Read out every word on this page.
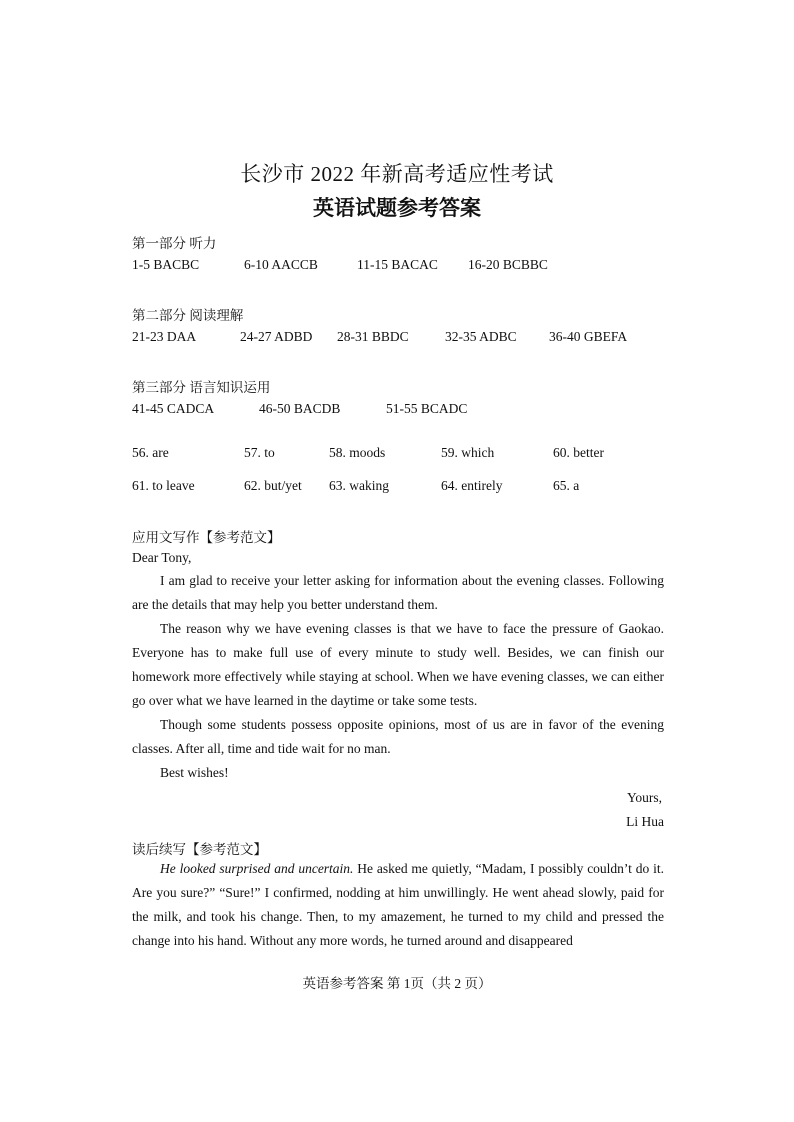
长沙市 2022 年新高考适应性考试
英语试题参考答案
第一部分 听力
1-5 BACBC	6-10 AACCB	11-15 BACAC 16-20 BCBBC
第二部分 阅读理解
21-23 DAA	24-27 ADBD 28-31 BBDC	32-35 ADBC 36-40 GBEFA
第三部分 语言知识运用
41-45 CADCA	46-50 BACDB	51-55 BCADC
56. are	57. to	58. moods	59. which	60. better
61. to leave	62. but/yet 63. waking	64. entirely	65. a
应用文写作【参考范文】
Dear Tony,

I am glad to receive your letter asking for information about the evening classes. Following are the details that may help you better understand them.

The reason why we have evening classes is that we have to face the pressure of Gaokao. Everyone has to make full use of every minute to study well. Besides, we can finish our homework more effectively while staying at school. When we have evening classes, we can either go over what we have learned in the daytime or take some tests.

Though some students possess opposite opinions, most of us are in favor of the evening classes. After all, time and tide wait for no man.

Best wishes!

Yours,
Li Hua
读后续写【参考范文】

He looked surprised and uncertain. He asked me quietly, “Madam, I possibly couldn’t do it. Are you sure?” “Sure!” I confirmed, nodding at him unwillingly. He went ahead slowly, paid for the milk, and took his change. Then, to my amazement, he turned to my child and pressed the change into his hand. Without any more words, he turned around and disappeared

英语参考答案 第 1页（共 2 页）
